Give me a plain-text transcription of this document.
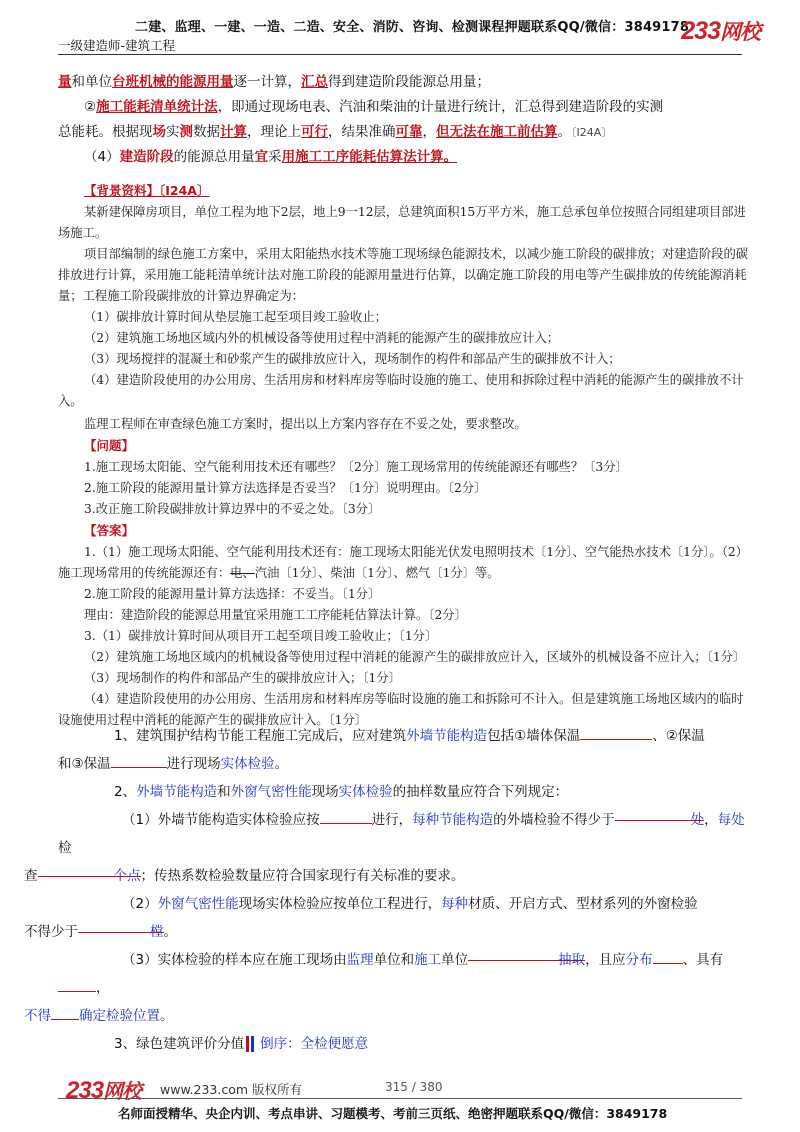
二建、监理、一建、一造、二造、安全、消防、咨询、检测课程押题联系QQ/微信：3849178
一级建造师-建筑工程
233网校
量和单位台班机械的能源用量逐一计算，汇总得到建造阶段能源总用量；
②施工能耗清单统计法，即通过现场电表、汽油和柴油的计量进行统计，汇总得到建造阶段的实测
总能耗。根据现场实测数据计算，理论上可行，结果准确可靠，但无法在施工前估算。〔Ⅰ24A〕
（4）建造阶段的能源总用量宜采用施工工序能耗估算法计算。
【背景资料】〔Ⅰ24A〕
某新建保障房项目，单位工程为地下2层，地上9一12层，总建筑面积15万平方米，施工总承包单位按照合同组建项目部进场施工。
项目部编制的绿色施工方案中，采用太阳能热水技术等施工现场绿色能源技术，以减少施工阶段的碳排放；对建造阶段的碳排放进行计算，采用施工能耗清单统计法对施工阶段的能源用量进行估算，以确定施工阶段的用电等产生碳排放的传统能源消耗量；工程施工阶段碳排放的计算边界确定为：
（1）碳排放计算时间从垫层施工起至项目竣工验收止；
（2）建筑施工场地区域内外的机械设备等使用过程中消耗的能源产生的碳排放应计入；
（3）现场搅拌的混凝土和砂浆产生的碳排放应计入，现场制作的构件和部品产生的碳排放不计入；
（4）建造阶段使用的办公用房、生活用房和材料库房等临时设施的施工、使用和拆除过程中消耗的能源产生的碳排放不计入。
监理工程师在审查绿色施工方案时，提出以上方案内容存在不妥之处，要求整改。
【问题】
1.施工现场太阳能、空气能利用技术还有哪些？〔2分〕施工现场常用的传统能源还有哪些？〔3分〕
2.施工阶段的能源用量计算方法选择是否妥当？〔1分〕说明理由。〔2分〕
3.改正施工阶段碳排放计算边界中的不妥之处。〔3分〕
【答案】
1.（1）施工现场太阳能、空气能利用技术还有：施工现场太阳能光伏发电照明技术〔1分〕、空气能热水技术〔1分〕。（2）施工现场常用的传统能源还有：电、汽油〔1分〕、柴油〔1分〕、燃气〔1分〕等。
2.施工阶段的能源用量计算方法选择：不妥当。〔1分〕
理由：建造阶段的能源总用量宜采用施工工序能耗估算法计算。〔2分〕
3.（1）碳排放计算时间从项目开工起至项目竣工验收止；〔1分〕
（2）建筑施工场地区域内的机械设备等使用过程中消耗的能源产生的碳排放应计入，区域外的机械设备不应计入；〔1分〕
（3）现场制作的构件和部品产生的碳排放应计入；〔1分〕
（4）建造阶段使用的办公用房、生活用房和材料库房等临时设施的施工和拆除可不计入。但是建筑施工场地区域内的临时设施使用过程中消耗的能源产生的碳排放应计入。〔1分〕
1、建筑围护结构节能工程施工完成后，应对建筑外墙节能构造包括①墙体保温	、②保温
和③保温	进行现场实体检验。
2、外墙节能构造和外窗气密性能现场实体检验的抽样数量应符合下列规定：
（1）外墙节能构造实体检验应按	进行，每种节能构造的外墙检验不得少于	处，每处检
查	个点；传热系数检验数量应符合国家现行有关标准的要求。
（2）外窗气密性能现场实体检验应按单位工程进行，每种材质、开启方式、型材系列的外窗检验
不得少于	樘。
（3）实体检验的样本应在施工现场由监理单位和施工单位	抽取，且应分布 、具有，
不得 确定检验位置。
3、绿色建筑评价分值 倒序：全检便愿意
233网校 www.233.com 版权所有	315 / 380
名师面授精华、央企内训、考点串讲、习题模考、考前三页纸、绝密押题联系QQ/微信：3849178
